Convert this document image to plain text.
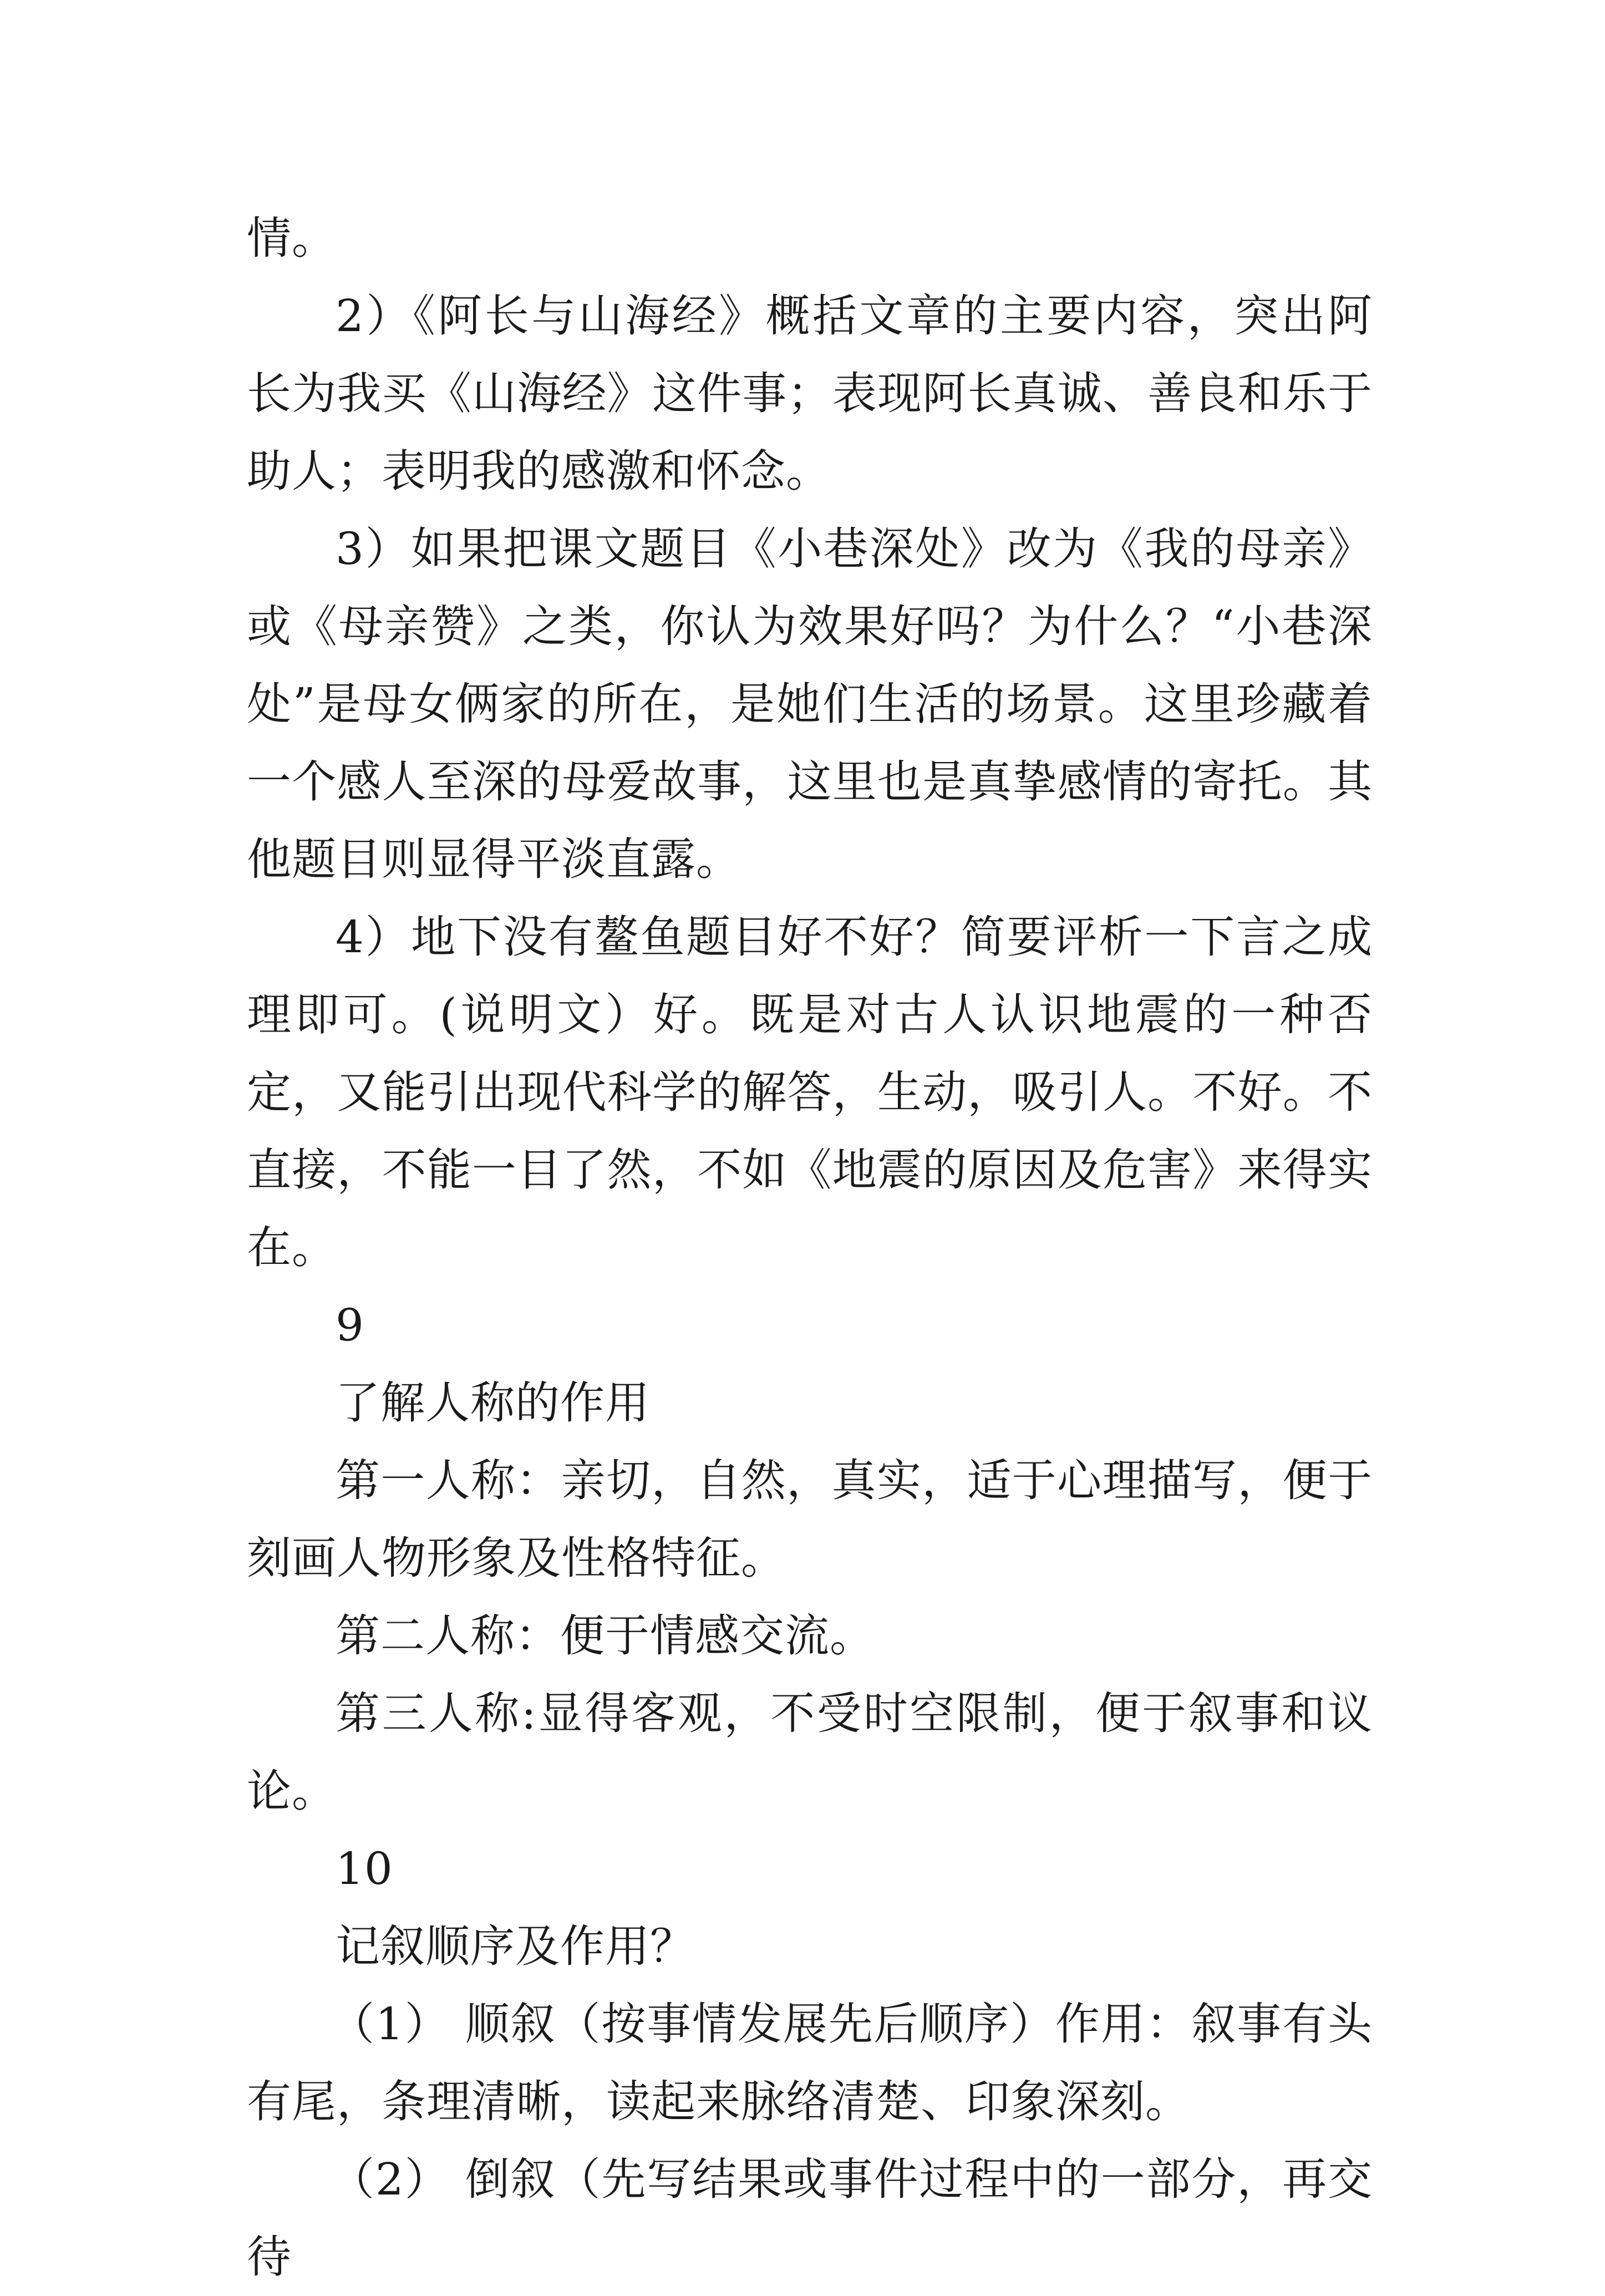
情。

2）《阿长与山海经》概括文章的主要内容，突出阿长为我买《山海经》这件事；表现阿长真诚、善良和乐于助人；表明我的感激和怀念。

3）如果把课文题目《小巷深处》改为《我的母亲》或《母亲赞》之类，你认为效果好吗？为什么？“小巷深处”是母女俩家的所在，是她们生活的场景。这里珍藏着一个感人至深的母爱故事，这里也是真挚感情的寄托。其他题目则显得平淡直露。

4）地下没有鳌鱼题目好不好？简要评析一下言之成理即可。(说明文）好。既是对古人认识地震的一种否定，又能引出现代科学的解答，生动，吸引人。不好。不直接，不能一目了然，不如《地震的原因及危害》来得实在。

9

了解人称的作用

第一人称：亲切，自然，真实，适于心理描写，便于刻画人物形象及性格特征。

第二人称：便于情感交流。

第三人称:显得客观，不受时空限制，便于叙事和议论。

10

记叙顺序及作用？

（1） 顺叙（按事情发展先后顺序）作用：叙事有头有尾，条理清晰，读起来脉络清楚、印象深刻。

（2） 倒叙（先写结果或事件过程中的一部分，再交待
